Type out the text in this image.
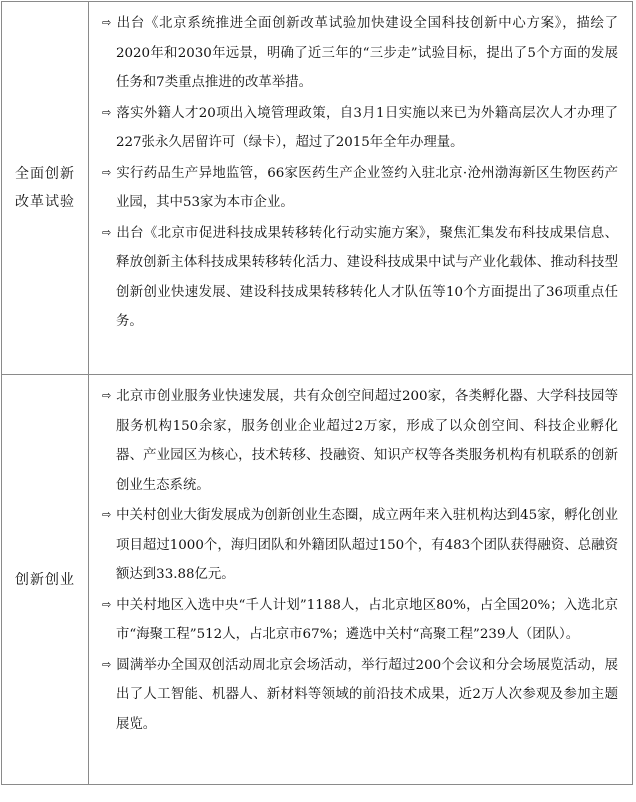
全面创新改革试验

⇨ 出台《北京系统推进全面创新改革试验加快建设全国科技创新中心方案》，描绘了2020年和2030年远景，明确了近三年的“三步走”试验目标，提出了5个方面的发展任务和7类重点推进的改革举措。

⇨ 落实外籍人才20项出入境管理政策，自3月1日实施以来已为外籍高层次人才办理了227张永久居留许可（绿卡），超过了2015年全年办理量。

⇨ 实行药品生产异地监管，66家医药生产企业签约入驻北京·沧州渤海新区生物医药产业园，其中53家为本市企业。

⇨ 出台《北京市促进科技成果转移转化行动实施方案》，聚焦汇集发布科技成果信息、释放创新主体科技成果转移转化活力、建设科技成果中试与产业化载体、推动科技型创新创业快速发展、建设科技成果转移转化人才队伍等10个方面提出了36项重点任务。

创新创业

⇨ 北京市创业服务业快速发展，共有众创空间超过200家，各类孵化器、大学科技园等服务机构150余家，服务创业企业超过2万家，形成了以众创空间、科技企业孵化器、产业园区为核心，技术转移、投融资、知识产权等各类服务机构有机联系的创新创业生态系统。

⇨ 中关村创业大街发展成为创新创业生态圈，成立两年来入驻机构达到45家，孵化创业项目超过1000个，海归团队和外籍团队超过150个，有483个团队获得融资、总融资额达到33.88亿元。

⇨ 中关村地区入选中央“千人计划”1188人，占北京地区80%，占全国20%；入选北京市“海聚工程”512人，占北京市67%；遴选中关村“高聚工程”239人（团队）。

⇨ 圆满举办全国双创活动周北京会场活动，举行超过200个会议和分会场展览活动，展出了人工智能、机器人、新材料等领域的前沿技术成果，近2万人次参观及参加主题展览。
